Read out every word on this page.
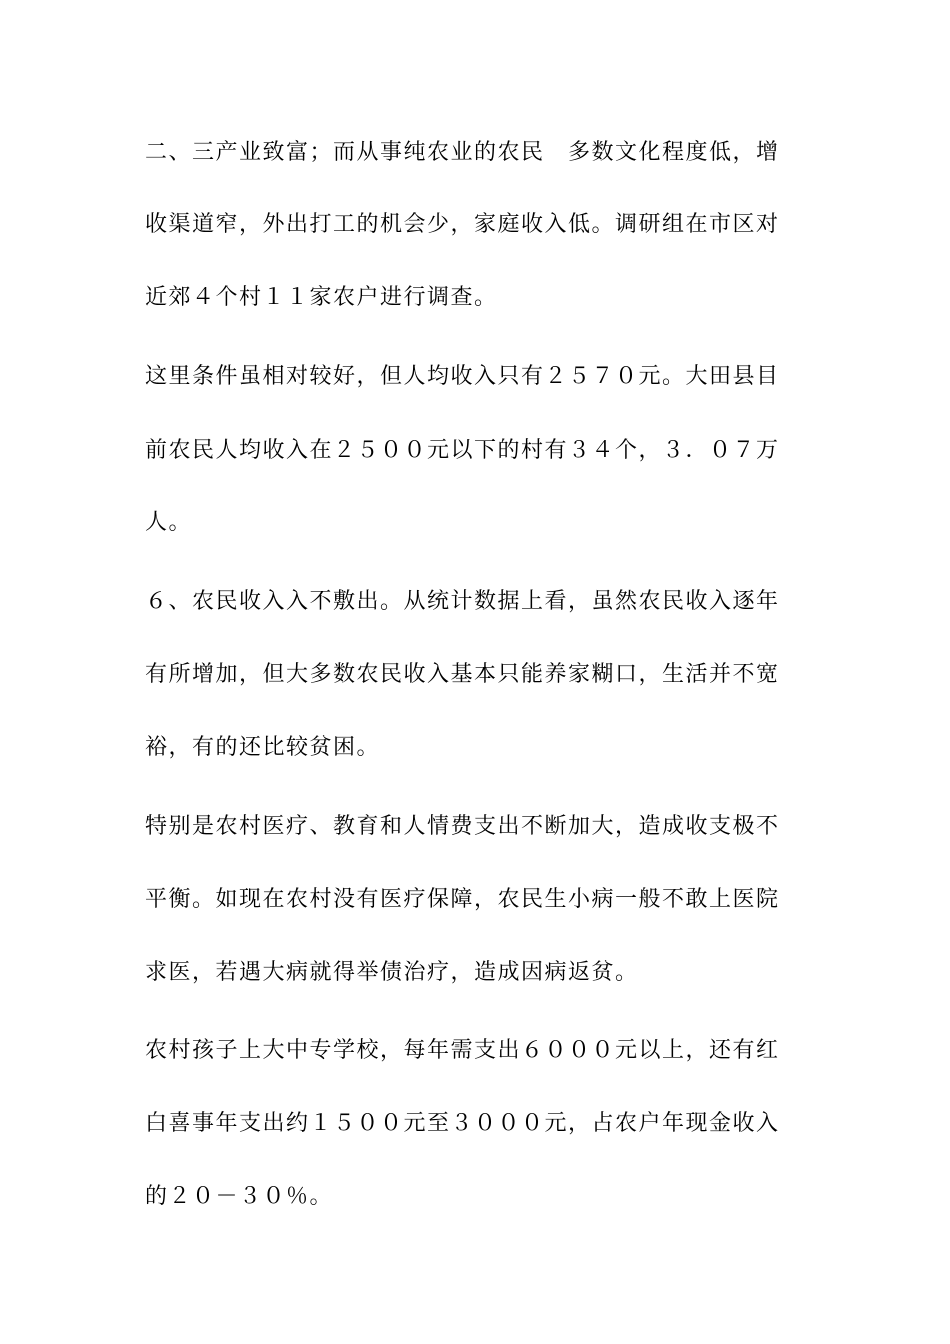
二、三产业致富；而从事纯农业的农民　多数文化程度低，增
收渠道窄，外出打工的机会少，家庭收入低。调研组在市区对
近郊４个村１１家农户进行调查。
这里条件虽相对较好，但人均收入只有２５７０元。大田县目
前农民人均收入在２５００元以下的村有３４个，３．０７万
人。
６、农民收入入不敷出。从统计数据上看，虽然农民收入逐年
有所增加，但大多数农民收入基本只能养家糊口，生活并不宽
裕，有的还比较贫困。
特别是农村医疗、教育和人情费支出不断加大，造成收支极不
平衡。如现在农村没有医疗保障，农民生小病一般不敢上医院
求医，若遇大病就得举债治疗，造成因病返贫。
农村孩子上大中专学校，每年需支出６０００元以上，还有红
白喜事年支出约１５００元至３０００元，占农户年现金收入
的２０－３０％。
